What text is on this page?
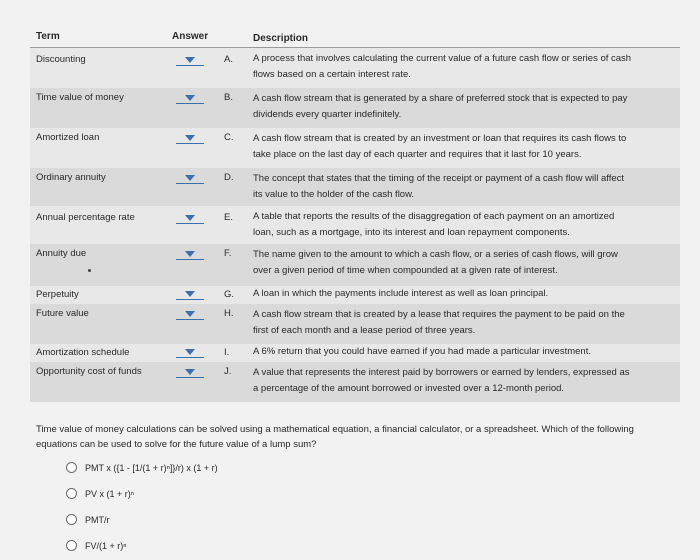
Term	Answer	Description
Discounting	A. A process that involves calculating the current value of a future cash flow or series of cash
flows based on a certain interest rate.
Time value of money	B. A cash flow stream that is generated by a share of preferred stock that is expected to pay
dividends every quarter indefinitely.
Amortized loan	C. A cash flow stream that is created by an investment or loan that requires its cash flows to
take place on the last day of each quarter and requires that it last for 10 years.
Ordinary annuity	D. The concept that states that the timing of the receipt or payment of a cash flow will affect
its value to the holder of the cash flow.
Annual percentage rate	E. A table that reports the results of the disaggregation of each payment on an amortized
loan, such as a mortgage, into its interest and loan repayment components.
Annuity due	F. The name given to the amount to which a cash flow, or a series of cash flows, will grow
over a given period of time when compounded at a given rate of interest.
Perpetuity	G. A loan in which the payments include interest as well as loan principal.
Future value	H. A cash flow stream that is created by a lease that requires the payment to be paid on the
first of each month and a lease period of three years.
Amortization schedule	I. A 6% return that you could have earned if you had made a particular investment.
Opportunity cost of funds	J. A value that represents the interest paid by borrowers or earned by lenders, expressed as
a percentage of the amount borrowed or invested over a 12-month period.
Time value of money calculations can be solved using a mathematical equation, a financial calculator, or a spreadsheet. Which of the following
equations can be used to solve for the future value of a lump sum?
PMT x ({1 - [1/(1 + r)ⁿ]}/r) x (1 + r)
PV x (1 + r)ⁿ
PMT/r
FV/(1 + r)ⁿ
